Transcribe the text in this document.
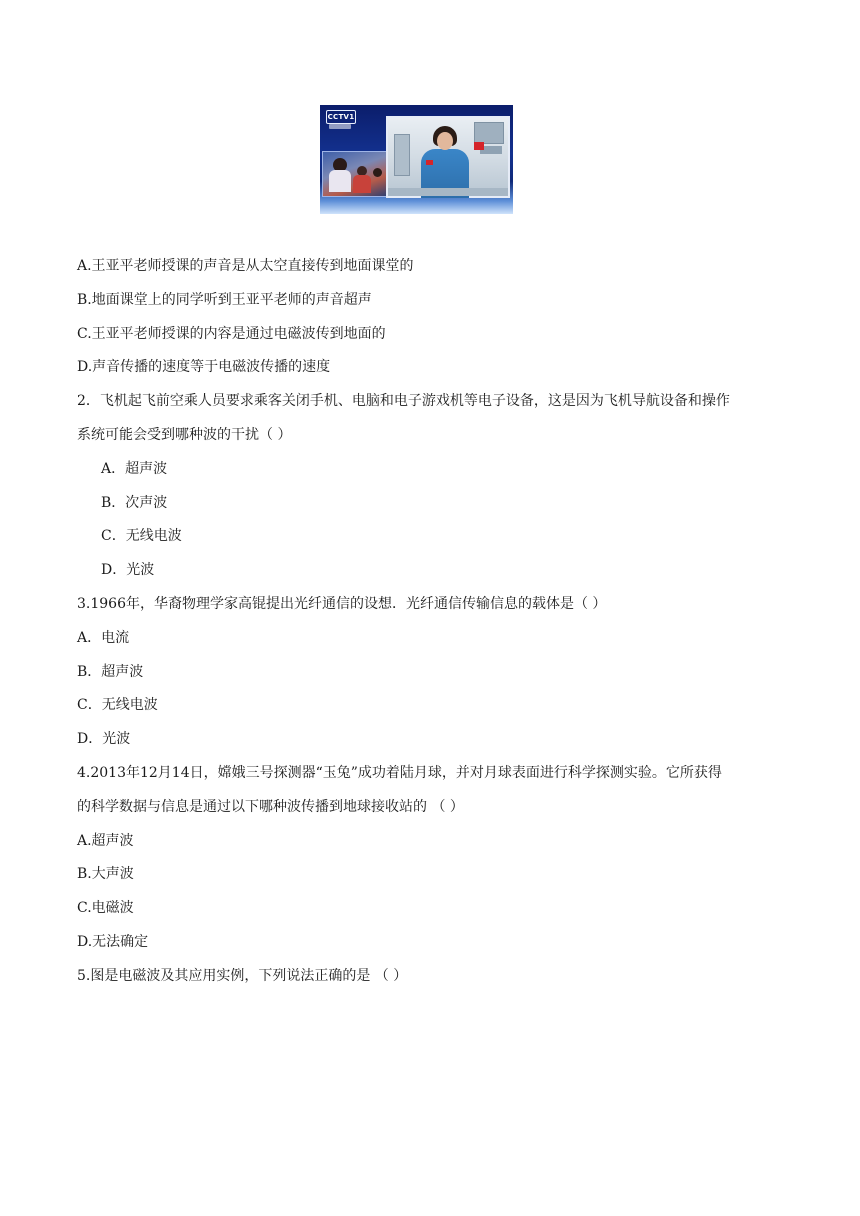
CCTV1
A.王亚平老师授课的声音是从太空直接传到地面课堂的
B.地面课堂上的同学听到王亚平老师的声音超声
C.王亚平老师授课的内容是通过电磁波传到地面的
D.声音传播的速度等于电磁波传播的速度
2．飞机起飞前空乘人员要求乘客关闭手机、电脑和电子游戏机等电子设备，这是因为飞机导航设备和操作
系统可能会受到哪种波的干扰（ ）
A．超声波
B．次声波
C．无线电波
D．光波
3.1966年，华裔物理学家高锟提出光纤通信的设想．光纤通信传输信息的载体是（ ）
A．电流
B．超声波
C．无线电波
D．光波
4.2013年12月14日，嫦娥三号探测器“玉兔”成功着陆月球，并对月球表面进行科学探测实验。它所获得
的科学数据与信息是通过以下哪种波传播到地球接收站的 （ ）
A.超声波
B.大声波
C.电磁波
D.无法确定
5.图是电磁波及其应用实例，下列说法正确的是 （ ）
